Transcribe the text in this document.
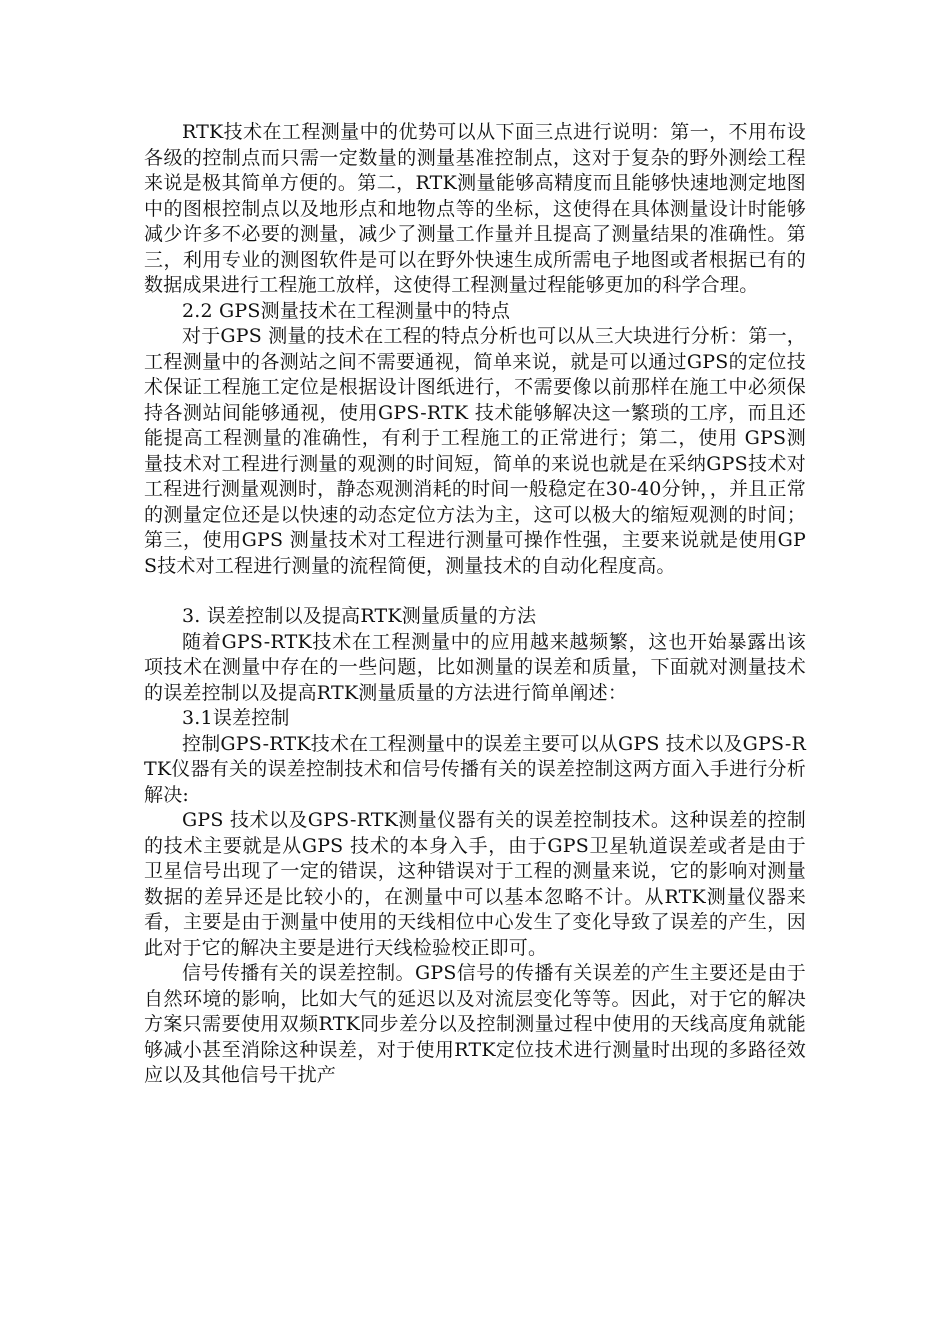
RTK技术在工程测量中的优势可以从下面三点进行说明：第一，不用布设各级的控制点而只需一定数量的测量基准控制点，这对于复杂的野外测绘工程来说是极其简单方便的。第二，RTK测量能够高精度而且能够快速地测定地图中的图根控制点以及地形点和地物点等的坐标，这使得在具体测量设计时能够减少许多不必要的测量，减少了测量工作量并且提高了测量结果的准确性。第三，利用专业的测图软件是可以在野外快速生成所需电子地图或者根据已有的数据成果进行工程施工放样，这使得工程测量过程能够更加的科学合理。

2.2 GPS测量技术在工程测量中的特点

对于GPS 测量的技术在工程的特点分析也可以从三大块进行分析：第一，工程测量中的各测站之间不需要通视，简单来说，就是可以通过GPS的定位技术保证工程施工定位是根据设计图纸进行，不需要像以前那样在施工中必须保持各测站间能够通视，使用GPS-RTK 技术能够解决这一繁琐的工序，而且还能提高工程测量的准确性，有利于工程施工的正常进行；第二，使用 GPS测量技术对工程进行测量的观测的时间短，简单的来说也就是在采纳GPS技术对工程进行测量观测时，静态观测消耗的时间一般稳定在30-40分钟，，并且正常的测量定位还是以快速的动态定位方法为主，这可以极大的缩短观测的时间；第三，使用GPS 测量技术对工程进行测量可操作性强，主要来说就是使用GPS技术对工程进行测量的流程简便，测量技术的自动化程度高。

3. 误差控制以及提高RTK测量质量的方法

随着GPS-RTK技术在工程测量中的应用越来越频繁，这也开始暴露出该项技术在测量中存在的一些问题，比如测量的误差和质量，下面就对测量技术的误差控制以及提高RTK测量质量的方法进行简单阐述：

3.1误差控制

控制GPS-RTK技术在工程测量中的误差主要可以从GPS 技术以及GPS-RTK仪器有关的误差控制技术和信号传播有关的误差控制这两方面入手进行分析解决:

GPS 技术以及GPS-RTK测量仪器有关的误差控制技术。这种误差的控制的技术主要就是从GPS 技术的本身入手，由于GPS卫星轨道误差或者是由于卫星信号出现了一定的错误，这种错误对于工程的测量来说，它的影响对测量数据的差异还是比较小的，在测量中可以基本忽略不计。从RTK测量仪器来看，主要是由于测量中使用的天线相位中心发生了变化导致了误差的产生，因此对于它的解决主要是进行天线检验校正即可。

信号传播有关的误差控制。GPS信号的传播有关误差的产生主要还是由于自然环境的影响，比如大气的延迟以及对流层变化等等。因此，对于它的解决方案只需要使用双频RTK同步差分以及控制测量过程中使用的天线高度角就能够减小甚至消除这种误差，对于使用RTK定位技术进行测量时出现的多路径效应以及其他信号干扰产
